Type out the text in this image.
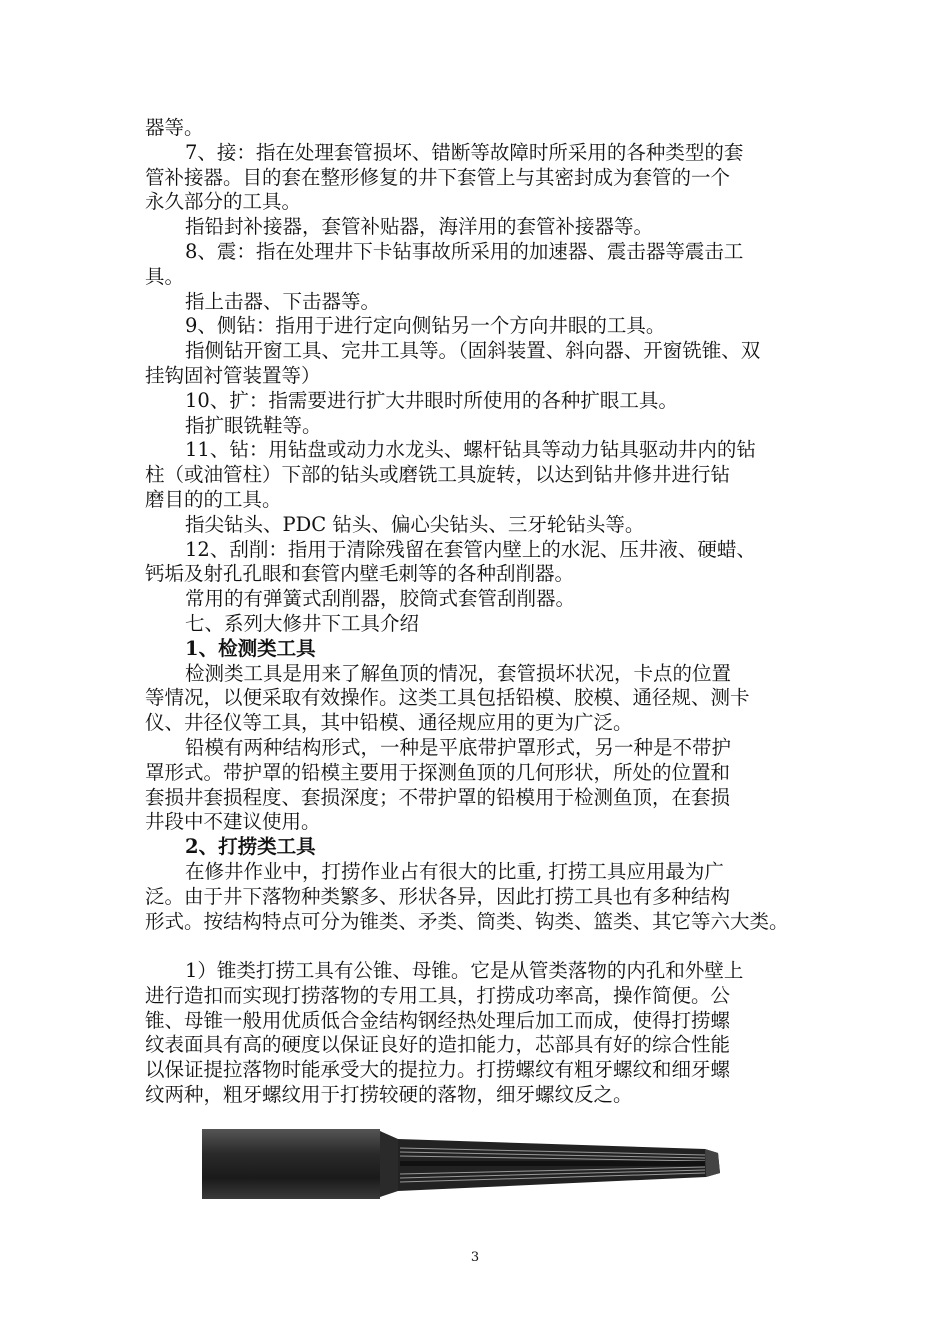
器等。
7、接：指在处理套管损坏、错断等故障时所采用的各种类型的套
管补接器。目的套在整形修复的井下套管上与其密封成为套管的一个
永久部分的工具。
指铅封补接器，套管补贴器，海洋用的套管补接器等。
8、震：指在处理井下卡钻事故所采用的加速器、震击器等震击工
具。
指上击器、下击器等。
9、侧钻：指用于进行定向侧钻另一个方向井眼的工具。
指侧钻开窗工具、完井工具等。（固斜装置、斜向器、开窗铣锥、双
挂钩固衬管装置等）
10、扩：指需要进行扩大井眼时所使用的各种扩眼工具。
指扩眼铣鞋等。
11、钻：用钻盘或动力水龙头、螺杆钻具等动力钻具驱动井内的钻
柱（或油管柱）下部的钻头或磨铣工具旋转，以达到钻井修井进行钻
磨目的的工具。
指尖钻头、PDC 钻头、偏心尖钻头、三牙轮钻头等。
12、刮削：指用于清除残留在套管内壁上的水泥、压井液、硬蜡、
钙垢及射孔孔眼和套管内壁毛刺等的各种刮削器。
常用的有弹簧式刮削器，胶筒式套管刮削器。
七、系列大修井下工具介绍
1、检测类工具
检测类工具是用来了解鱼顶的情况，套管损坏状况，卡点的位置
等情况，以便采取有效操作。这类工具包括铅模、胶模、通径规、测卡
仪、井径仪等工具，其中铅模、通径规应用的更为广泛。
铅模有两种结构形式，一种是平底带护罩形式，另一种是不带护
罩形式。带护罩的铅模主要用于探测鱼顶的几何形状，所处的位置和
套损井套损程度、套损深度；不带护罩的铅模用于检测鱼顶，在套损
井段中不建议使用。
2、打捞类工具
在修井作业中，打捞作业占有很大的比重, 打捞工具应用最为广
泛。由于井下落物种类繁多、形状各异，因此打捞工具也有多种结构
形式。按结构特点可分为锥类、矛类、筒类、钩类、篮类、其它等六大类。
1）锥类打捞工具有公锥、母锥。它是从管类落物的内孔和外壁上
进行造扣而实现打捞落物的专用工具，打捞成功率高，操作简便。公
锥、母锥一般用优质低合金结构钢经热处理后加工而成，使得打捞螺
纹表面具有高的硬度以保证良好的造扣能力，芯部具有好的综合性能
以保证提拉落物时能承受大的提拉力。打捞螺纹有粗牙螺纹和细牙螺
纹两种，粗牙螺纹用于打捞较硬的落物，细牙螺纹反之。
3
